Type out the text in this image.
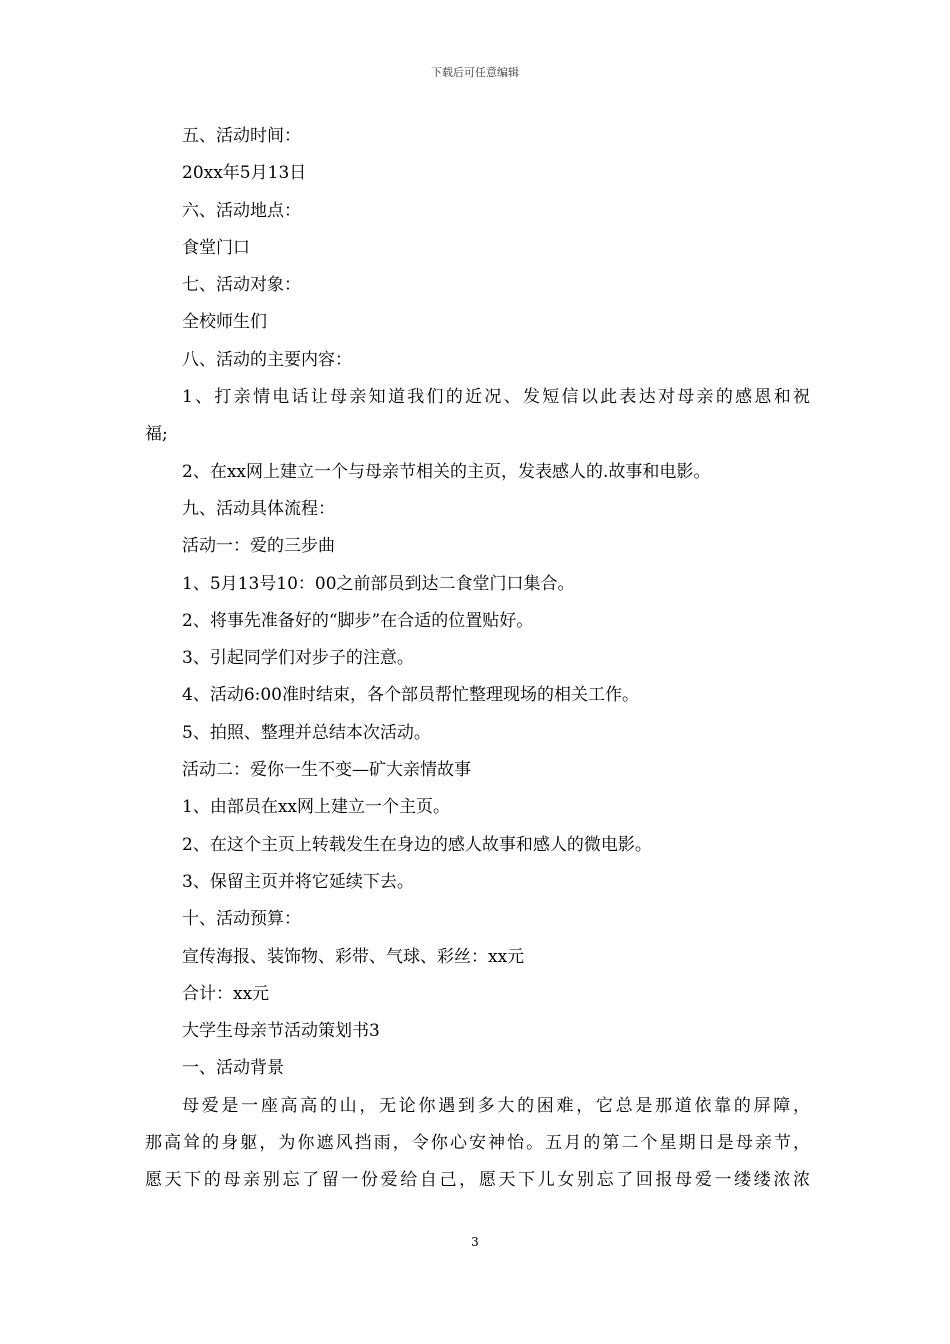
下载后可任意编辑
五、活动时间：
20xx年5月13日
六、活动地点：
食堂门口
七、活动对象：
全校师生们
八、活动的主要内容：
1、打亲情电话让母亲知道我们的近况、发短信以此表达对母亲的感恩和祝
福;
2、在xx网上建立一个与母亲节相关的主页，发表感人的.故事和电影。
九、活动具体流程：
活动一：爱的三步曲
1、5月13号10：00之前部员到达二食堂门口集合。
2、将事先准备好的“脚步”在合适的位置贴好。
3、引起同学们对步子的注意。
4、活动6:00准时结束，各个部员帮忙整理现场的相关工作。
5、拍照、整理并总结本次活动。
活动二：爱你一生不变—矿大亲情故事
1、由部员在xx网上建立一个主页。
2、在这个主页上转载发生在身边的感人故事和感人的微电影。
3、保留主页并将它延续下去。
十、活动预算：
宣传海报、装饰物、彩带、气球、彩丝：xx元
合计：xx元
大学生母亲节活动策划书3
一、活动背景
母爱是一座高高的山，无论你遇到多大的困难，它总是那道依靠的屏障，
那高耸的身躯，为你遮风挡雨，令你心安神怡。五月的第二个星期日是母亲节，
愿天下的母亲别忘了留一份爱给自己，愿天下儿女别忘了回报母爱一缕缕浓浓
3
